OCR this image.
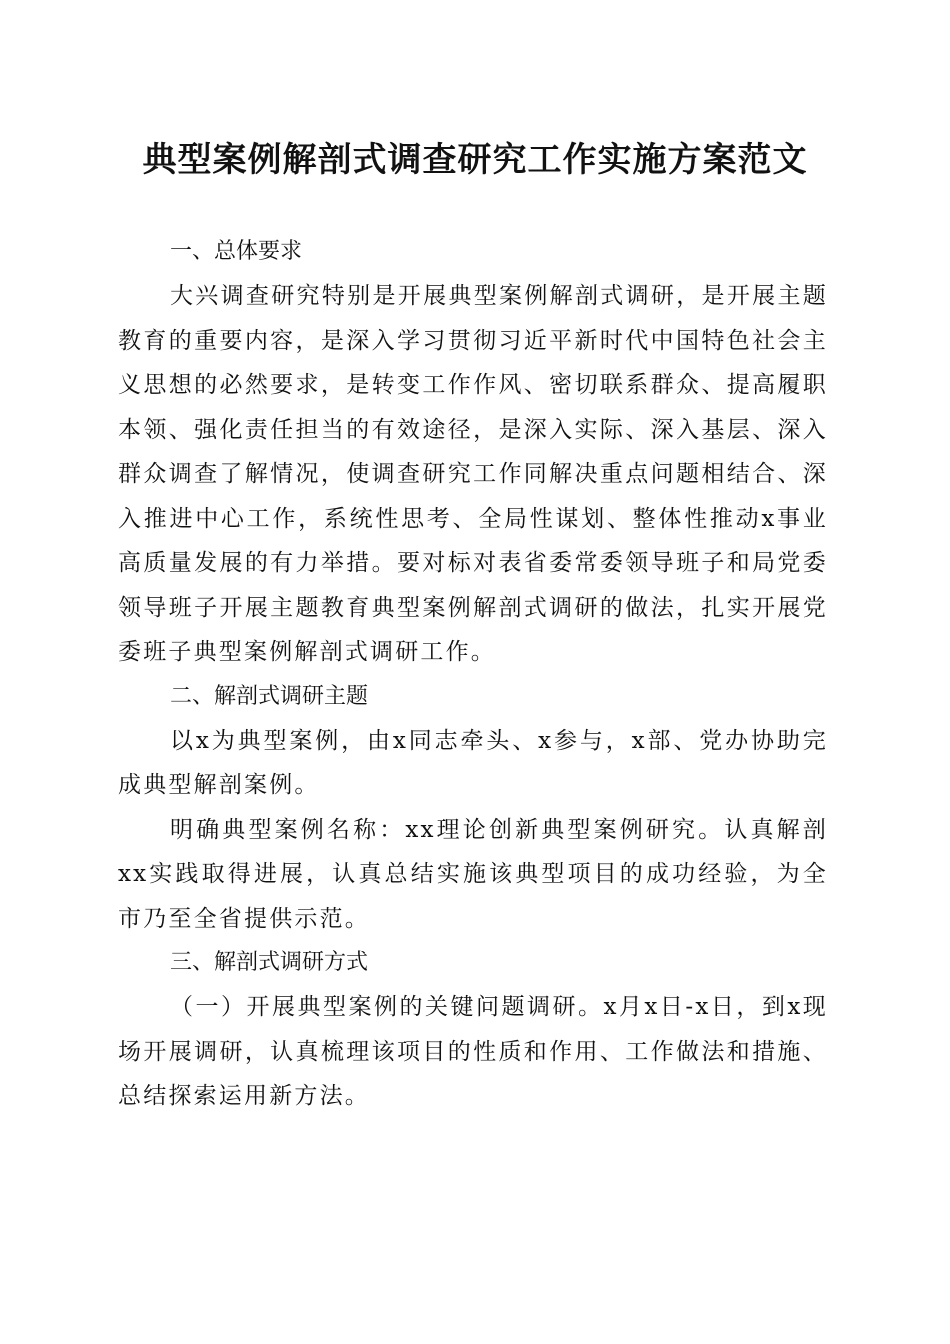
典型案例解剖式调查研究工作实施方案范文
一、总体要求

大兴调查研究特别是开展典型案例解剖式调研，是开展主题教育的重要内容，是深入学习贯彻习近平新时代中国特色社会主义思想的必然要求，是转变工作作风、密切联系群众、提高履职本领、强化责任担当的有效途径，是深入实际、深入基层、深入群众调查了解情况，使调查研究工作同解决重点问题相结合、深入推进中心工作，系统性思考、全局性谋划、整体性推动x事业高质量发展的有力举措。要对标对表省委常委领导班子和局党委领导班子开展主题教育典型案例解剖式调研的做法，扎实开展党委班子典型案例解剖式调研工作。

二、解剖式调研主题

以x为典型案例，由x同志牵头、x参与，x部、党办协助完成典型解剖案例。

明确典型案例名称：xx理论创新典型案例研究。认真解剖xx实践取得进展，认真总结实施该典型项目的成功经验，为全市乃至全省提供示范。

三、解剖式调研方式

（一）开展典型案例的关键问题调研。x月x日-x日，到x现场开展调研，认真梳理该项目的性质和作用、工作做法和措施、总结探索运用新方法。
